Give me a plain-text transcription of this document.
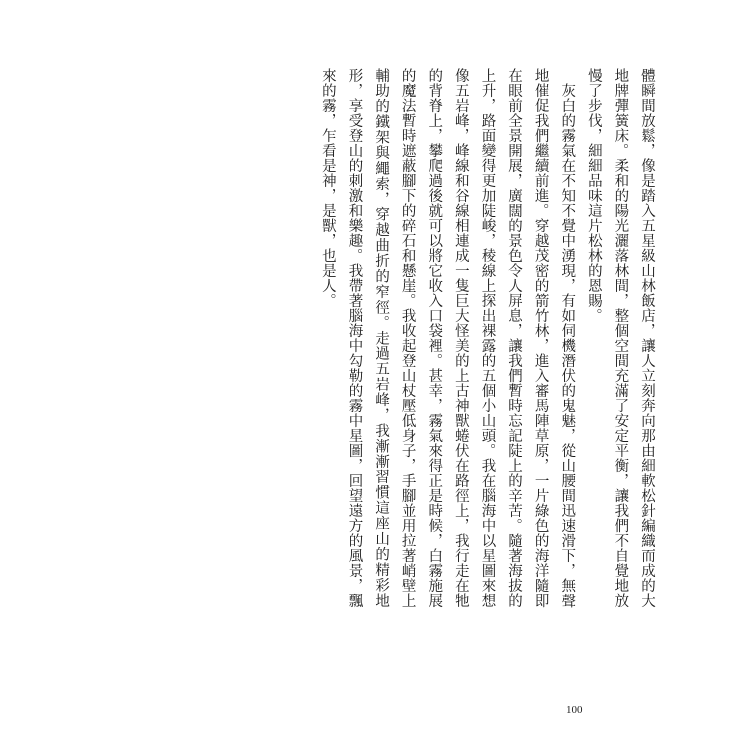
體瞬間放鬆，像是踏入五星級山林飯店，讓人立刻奔向那由細軟松針編織而成的大地牌彈簧床。柔和的陽光灑落林間，整個空間充滿了安定平衡，讓我們不自覺地放慢了步伐，細細品味這片松林的恩賜。

灰白的霧氣在不知不覺中湧現，有如伺機潛伏的鬼魅，從山腰間迅速滑下，無聲地催促我們繼續前進。穿越茂密的箭竹林，進入審馬陣草原，一片綠色的海洋隨即在眼前全景開展，廣闊的景色令人屏息，讓我們暫時忘記陡上的辛苦。隨著海拔的上升，路面變得更加陡峻，稜線上探出裸露的五個小山頭。我在腦海中以星圖來想像五岩峰，峰線和谷線相連成一隻巨大怪美的上古神獸蜷伏在路徑上，我行走在牠的背脊上，攀爬過後就可以將它收入口袋裡。甚幸，霧氣來得正是時候，白霧施展的魔法暫時遮蔽腳下的碎石和懸崖。我收起登山杖壓低身子，手腳並用拉著峭壁上輔助的鐵架與繩索，穿越曲折的窄徑。走過五岩峰，我漸漸習慣這座山的精彩地形，享受登山的刺激和樂趣。我帶著腦海中勾勒的霧中星圖，回望遠方的風景，飄來的霧，乍看是神，是獸，也是人。

100
